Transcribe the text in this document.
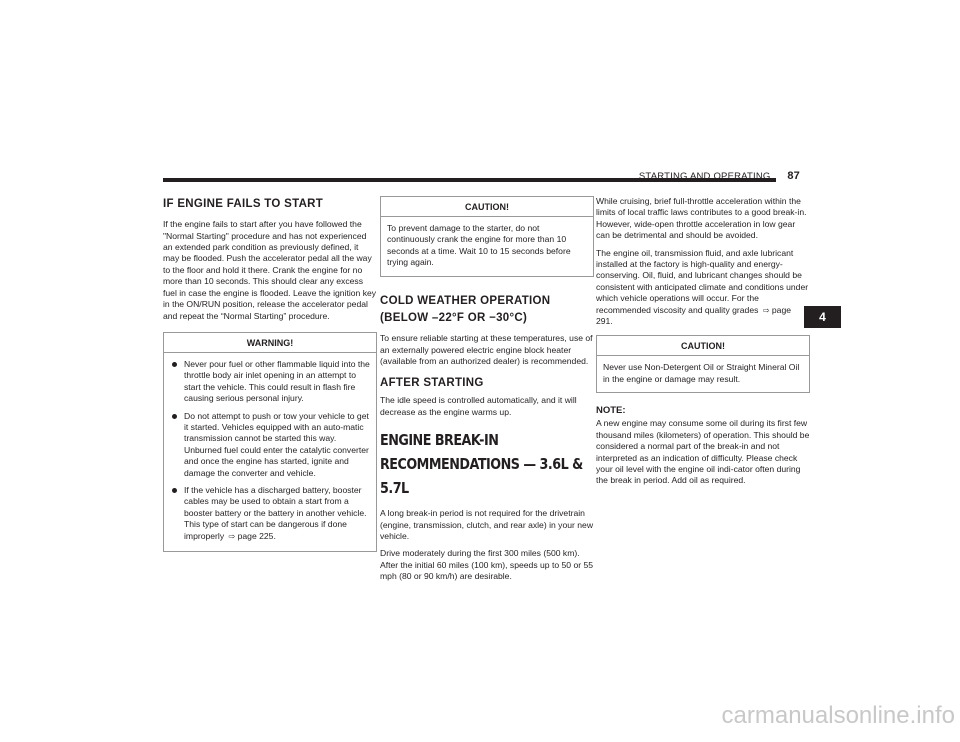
STARTING AND OPERATING 87
IF ENGINE FAILS TO START

If the engine fails to start after you have followed the "Normal Starting" procedure and has not experienced an extended park condition as previously defined, it may be flooded. Push the accelerator pedal all the way to the floor and hold it there. Crank the engine for no more than 10 seconds. This should clear any excess fuel in case the engine is flooded. Leave the ignition key in the ON/RUN position, release the accelerator pedal and repeat the “Normal Starting” procedure.

WARNING!
Never pour fuel or other flammable liquid into the throttle body air inlet opening in an attempt to start the vehicle. This could result in flash fire causing serious personal injury.
Do not attempt to push or tow your vehicle to get it started. Vehicles equipped with an auto-matic transmission cannot be started this way. Unburned fuel could enter the catalytic converter and once the engine has started, ignite and damage the converter and vehicle.
If the vehicle has a discharged battery, booster cables may be used to obtain a start from a booster battery or the battery in another vehicle. This type of start can be dangerous if done improperly ⇨ page 225.
CAUTION!

To prevent damage to the starter, do not continuously crank the engine for more than 10 seconds at a time. Wait 10 to 15 seconds before trying again.

COLD WEATHER OPERATION
(BELOW –22°F OR −30°C)

To ensure reliable starting at these temperatures, use of an externally powered electric engine block heater (available from an authorized dealer) is recommended.

AFTER STARTING

The idle speed is controlled automatically, and it will decrease as the engine warms up.

ENGINE BREAK-IN RECOMMENDATIONS — 3.6L & 5.7L

A long break-in period is not required for the drivetrain (engine, transmission, clutch, and rear axle) in your new vehicle.

Drive moderately during the first 300 miles (500 km). After the initial 60 miles (100 km), speeds up to 50 or 55 mph (80 or 90 km/h) are desirable.

While cruising, brief full-throttle acceleration within the limits of local traffic laws contributes to a good break-in. However, wide-open throttle acceleration in low gear can be detrimental and should be avoided.

The engine oil, transmission fluid, and axle lubricant installed at the factory is high-quality and energy-conserving. Oil, fluid, and lubricant changes should be consistent with anticipated climate and conditions under which vehicle operations will occur. For the recommended viscosity and quality grades ⇨ page 291.

CAUTION!

Never use Non-Detergent Oil or Straight Mineral Oil in the engine or damage may result.

NOTE:

A new engine may consume some oil during its first few thousand miles (kilometers) of operation. This should be considered a normal part of the break-in and not interpreted as an indication of difficulty. Please check your oil level with the engine oil indi-cator often during the break in period. Add oil as required.

4
carmanualsonline.info
